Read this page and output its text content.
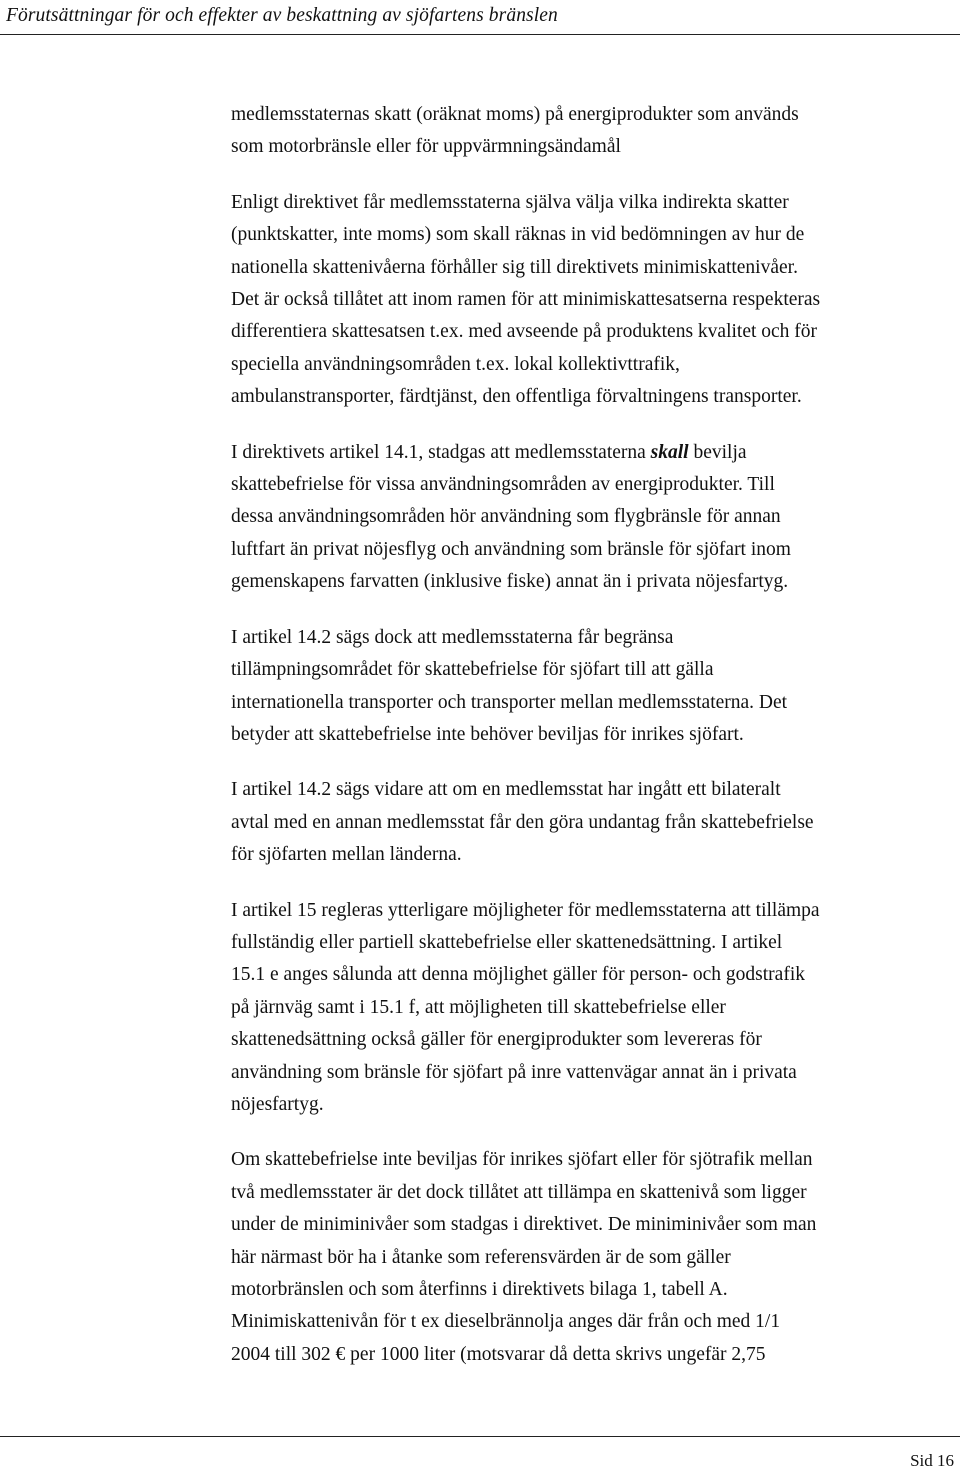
Förutsättningar för och effekter av beskattning av sjöfartens bränslen

medlemsstaternas skatt (oräknat moms) på energiprodukter som används
som motorbränsle eller för uppvärmningsändamål

Enligt direktivet får medlemsstaterna själva välja vilka indirekta skatter
(punktskatter, inte moms) som skall räknas in vid bedömningen av hur de
nationella skattenivåerna förhåller sig till direktivets minimiskattenivåer.
Det är också tillåtet att inom ramen för att minimiskattesatserna respekteras
differentiera skattesatsen t.ex. med avseende på produktens kvalitet och för
speciella användningsområden t.ex. lokal kollektivttrafik,
ambulanstransporter, färdtjänst, den offentliga förvaltningens transporter.

I direktivets artikel 14.1, stadgas att medlemsstaterna skall bevilja
skattebefrielse för vissa användningsområden av energiprodukter. Till
dessa användningsområden hör användning som flygbränsle för annan
luftfart än privat nöjesflyg och användning som bränsle för sjöfart inom
gemenskapens farvatten (inklusive fiske) annat än i privata nöjesfartyg.

I artikel 14.2 sägs dock att medlemsstaterna får begränsa
tillämpningsområdet för skattebefrielse för sjöfart till att gälla
internationella transporter och transporter mellan medlemsstaterna. Det
betyder att skattebefrielse inte behöver beviljas för inrikes sjöfart.

I artikel 14.2 sägs vidare att om en medlemsstat har ingått ett bilateralt
avtal med en annan medlemsstat får den göra undantag från skattebefrielse
för sjöfarten mellan länderna.

I artikel 15 regleras ytterligare möjligheter för medlemsstaterna att tillämpa
fullständig eller partiell skattebefrielse eller skattenedsättning. I artikel
15.1 e anges sålunda att denna möjlighet gäller för person- och godstrafik
på järnväg samt i 15.1 f, att möjligheten till skattebefrielse eller
skattenedsättning också gäller för energiprodukter som levereras för
användning som bränsle för sjöfart på inre vattenvägar annat än i privata
nöjesfartyg.

Om skattebefrielse inte beviljas för inrikes sjöfart eller för sjötrafik mellan
två medlemsstater är det dock tillåtet att tillämpa en skattenivå som ligger
under de miniminivåer som stadgas i direktivet. De miniminivåer som man
här närmast bör ha i åtanke som referensvärden är de som gäller
motorbränslen och som återfinns i direktivets bilaga 1, tabell A.
Minimiskattenivån för t ex dieselbrännolja anges där från och med 1/1
2004 till 302 € per 1000 liter (motsvarar då detta skrivs ungefär 2,75

Sid 16
